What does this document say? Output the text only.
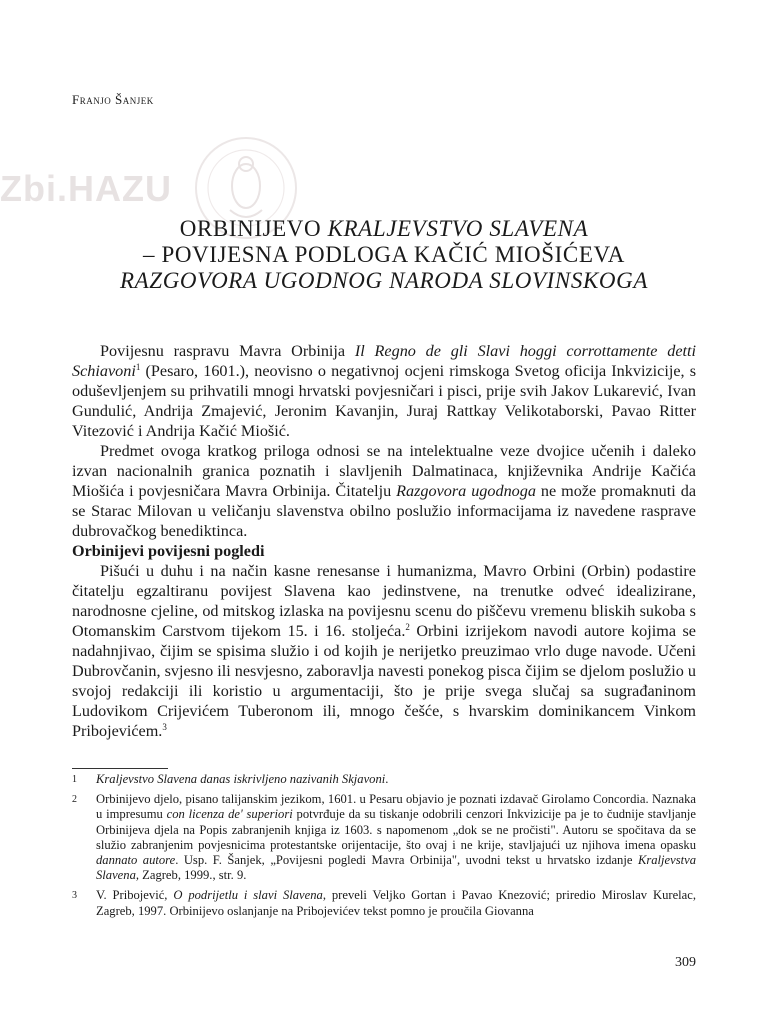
Franjo Šanjek
Zbi.HAZU
ORBINIJEVO KRALJEVSTVO SLAVENA
– POVIJESNA PODLOGA KAČIĆ MIOŠIĆEVA
RAZGOVORA UGODNOG NARODA SLOVINSKOGA

Povijesnu raspravu Mavra Orbinija Il Regno de gli Slavi hoggi corrottamente detti Schiavoni$^1$ (Pesaro, 1601.), neovisno o negativnoj ocjeni rimskoga Svetog oficija Inkvizicije, s oduševljenjem su prihvatili mnogi hrvatski povjesničari i pisci, prije svih Jakov Lukarević, Ivan Gundulić, Andrija Zmajević, Jeronim Kavanjin, Juraj Rattkay Velikotaborski, Pavao Ritter Vitezović i Andrija Kačić Miošić.

Predmet ovoga kratkog priloga odnosi se na intelektualne veze dvojice učenih i daleko izvan nacionalnih granica poznatih i slavljenih Dalmatinaca, književnika Andrije Kačića Miošića i povjesničara Mavra Orbinija. Čitatelju Razgovora ugodnoga ne može promaknuti da se Starac Milovan u veličanju slavenstva obilno poslužio informacijama iz navedene rasprave dubrovačkog benediktinca.

Orbinijevi povijesni pogledi

Pišući u duhu i na način kasne renesanse i humanizma, Mavro Orbini (Orbin) podastire čitatelju egzaltiranu povijest Slavena kao jedinstvene, na trenutke odveć idealizirane, narodnosne cjeline, od mitskog izlaska na povijesnu scenu do piščevu vremenu bliskih sukoba s Otomanskim Carstvom tijekom 15. i 16. stoljeća.$^2$ Orbini izrijekom navodi autore kojima se nadahnjivao, čijim se spisima služio i od kojih je nerijetko preuzimao vrlo duge navode. Učeni Dubrovčanin, svjesno ili nesvjesno, zaboravlja navesti ponekog pisca čijim se djelom poslužio u svojoj redakciji ili koristio u argumentaciji, što je prije svega slučaj sa sugrađaninom Ludovikom Crijevićem Tuberonom ili, mnogo češće, s hvarskim dominikancem Vinkom Pribojevićem.$^3$

1	Kraljevstvo Slavena danas iskrivljeno nazivanih Skjavoni.
2	Orbinijevo djelo, pisano talijanskim jezikom, 1601. u Pesaru objavio je poznati izdavač Girolamo Concordia. Naznaka u impresumu con licenza de' superiori potvrđuje da su tiskanje odobrili cenzori Inkvizicije pa je to čudnije stavljanje Orbinijeva djela na Popis zabranjenih knjiga iz 1603. s napomenom „dok se ne pročisti". Autoru se spočitava da se služio zabranjenim povjesnicima protestantske orijentacije, što ovaj i ne krije, stavljajući uz njihova imena opasku dannato autore. Usp. F. Šanjek, „Povijesni pogledi Mavra Orbinija", uvodni tekst u hrvatsko izdanje Kraljevstva Slavena, Zagreb, 1999., str. 9.
3	V. Pribojević, O podrijetlu i slavi Slavena, preveli Veljko Gortan i Pavao Knezović; priredio Miroslav Kurelac, Zagreb, 1997. Orbinijevo oslanjanje na Pribojevićev tekst pomno je proučila Giovanna
309
